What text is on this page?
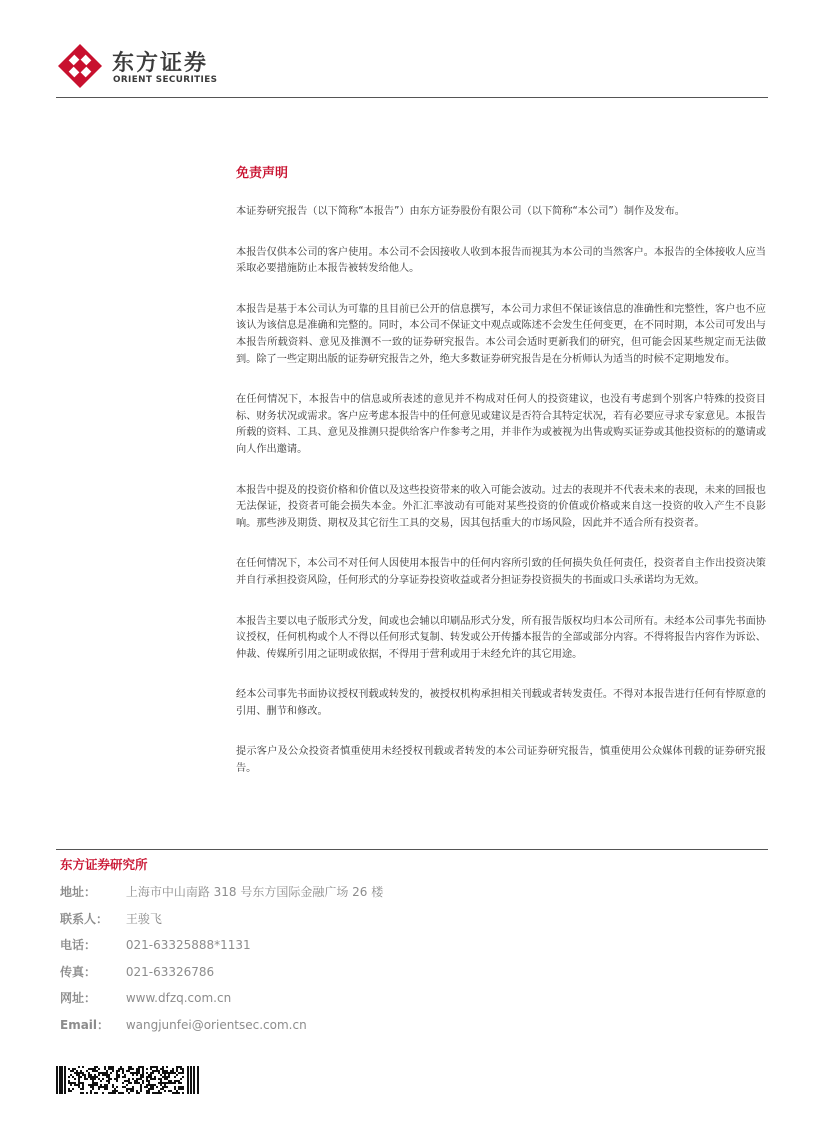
东方证券
ORIENT SECURITIES
免责声明

本证券研究报告（以下简称“本报告”）由东方证券股份有限公司（以下简称“本公司”）制作及发布。

本报告仅供本公司的客户使用。本公司不会因接收人收到本报告而视其为本公司的当然客户。本报告的全体接收人应当采取必要措施防止本报告被转发给他人。

本报告是基于本公司认为可靠的且目前已公开的信息撰写，本公司力求但不保证该信息的准确性和完整性，客户也不应该认为该信息是准确和完整的。同时，本公司不保证文中观点或陈述不会发生任何变更，在不同时期，本公司可发出与本报告所载资料、意见及推测不一致的证券研究报告。本公司会适时更新我们的研究，但可能会因某些规定而无法做到。除了一些定期出版的证券研究报告之外，绝大多数证券研究报告是在分析师认为适当的时候不定期地发布。

在任何情况下，本报告中的信息或所表述的意见并不构成对任何人的投资建议，也没有考虑到个别客户特殊的投资目标、财务状况或需求。客户应考虑本报告中的任何意见或建议是否符合其特定状况，若有必要应寻求专家意见。本报告所载的资料、工具、意见及推测只提供给客户作参考之用，并非作为或被视为出售或购买证券或其他投资标的的邀请或向人作出邀请。

本报告中提及的投资价格和价值以及这些投资带来的收入可能会波动。过去的表现并不代表未来的表现，未来的回报也无法保证，投资者可能会损失本金。外汇汇率波动有可能对某些投资的价值或价格或来自这一投资的收入产生不良影响。那些涉及期货、期权及其它衍生工具的交易，因其包括重大的市场风险，因此并不适合所有投资者。

在任何情况下，本公司不对任何人因使用本报告中的任何内容所引致的任何损失负任何责任，投资者自主作出投资决策并自行承担投资风险，任何形式的分享证券投资收益或者分担证券投资损失的书面或口头承诺均为无效。

本报告主要以电子版形式分发，间或也会辅以印刷品形式分发，所有报告版权均归本公司所有。未经本公司事先书面协议授权，任何机构或个人不得以任何形式复制、转发或公开传播本报告的全部或部分内容。不得将报告内容作为诉讼、仲裁、传媒所引用之证明或依据，不得用于营利或用于未经允许的其它用途。

经本公司事先书面协议授权刊载或转发的，被授权机构承担相关刊载或者转发责任。不得对本报告进行任何有悖原意的引用、删节和修改。

提示客户及公众投资者慎重使用未经授权刊载或者转发的本公司证券研究报告，慎重使用公众媒体刊载的证券研究报告。

东方证券研究所
地址： 上海市中山南路 318 号东方国际金融广场 26 楼
联系人： 王骏飞
电话： 021-63325888*1131
传真： 021-63326786
网址： www.dfzq.com.cn
Email： wangjunfei@orientsec.com.cn
